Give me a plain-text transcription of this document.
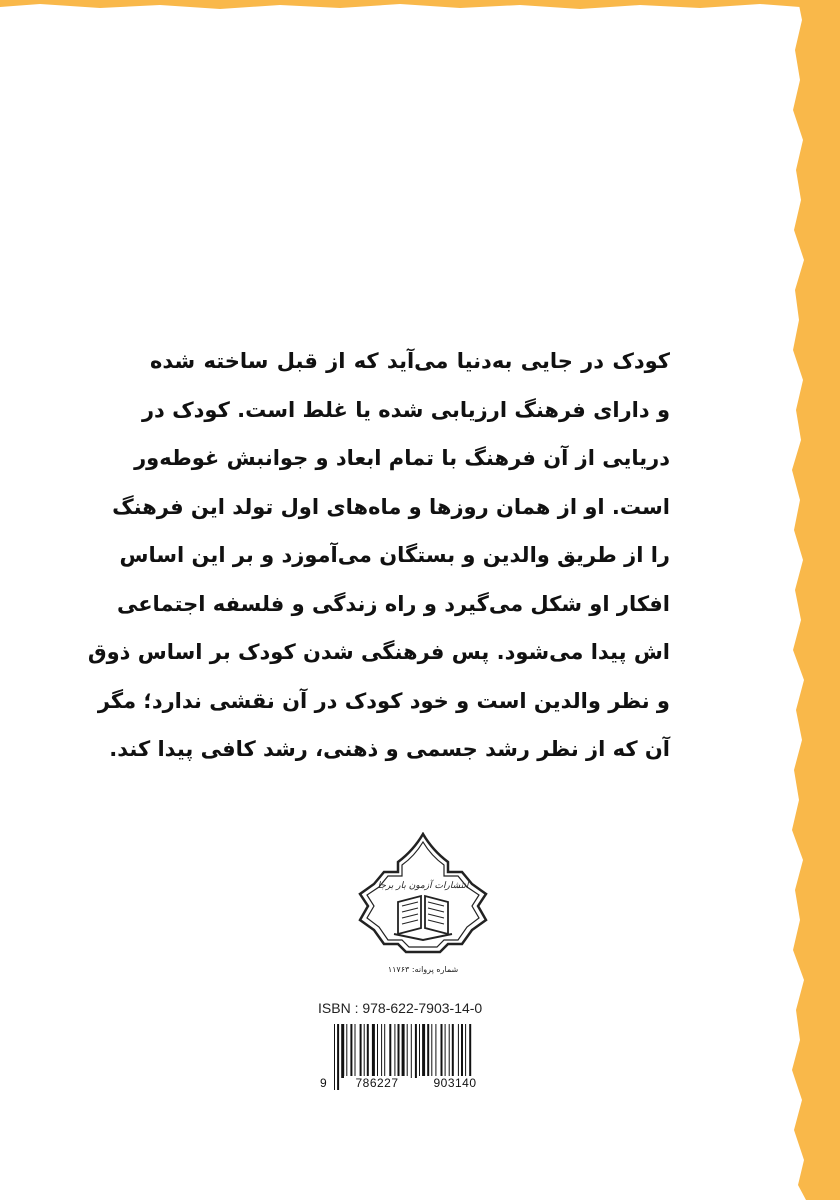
کودک در جایی به‌دنیا می‌آید که از قبل ساخته شده
و دارای فرهنگ ارزیابی شده یا غلط است. کودک در
دریایی از آن فرهنگ با تمام ابعاد و جوانبش غوطه‌ور
است. او از همان روزها و ماه‌های اول تولد این فرهنگ
را از طریق والدین و بستگان می‌آموزد و بر این اساس
افکار او شکل می‌گیرد و راه زندگی و فلسفه اجتماعی
اش پیدا می‌شود. پس فرهنگی شدن کودک بر اساس ذوق
و نظر والدین است و خود کودک در آن نقشی ندارد؛ مگر
آن که از نظر رشد جسمی و ذهنی، رشد کافی پیدا کند.
انتشارات آزمون بار برجا
شماره پروانه: ۱۱۷۶۳
ISBN : 978-622-7903-14-0
9	786227	903140
